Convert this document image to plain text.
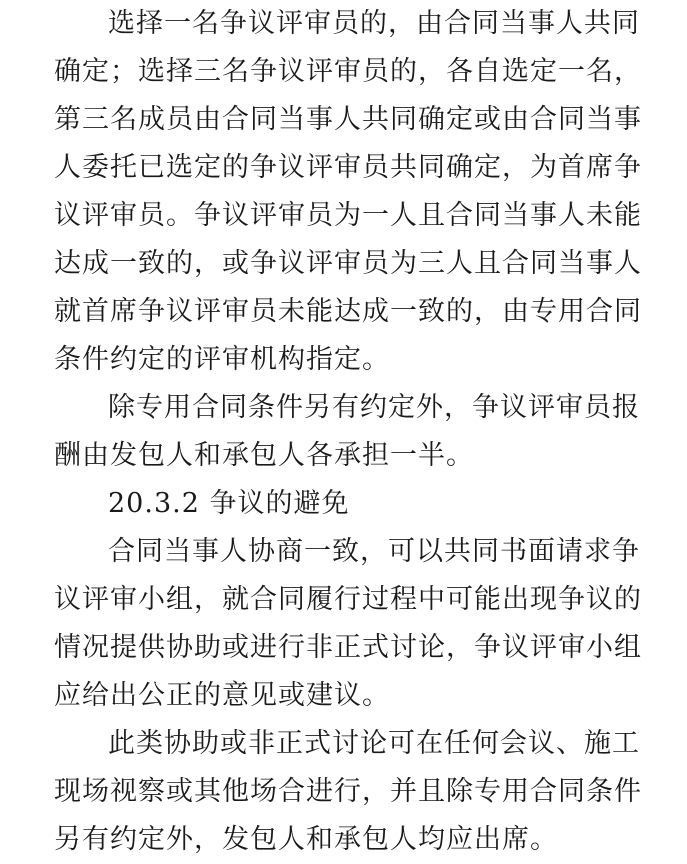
选择一名争议评审员的，由合同当事人共同
确定；选择三名争议评审员的，各自选定一名，
第三名成员由合同当事人共同确定或由合同当事
人委托已选定的争议评审员共同确定，为首席争
议评审员。争议评审员为一人且合同当事人未能
达成一致的，或争议评审员为三人且合同当事人
就首席争议评审员未能达成一致的，由专用合同
条件约定的评审机构指定。
除专用合同条件另有约定外，争议评审员报
酬由发包人和承包人各承担一半。
20.3.2 争议的避免
合同当事人协商一致，可以共同书面请求争
议评审小组，就合同履行过程中可能出现争议的
情况提供协助或进行非正式讨论，争议评审小组
应给出公正的意见或建议。
此类协助或非正式讨论可在任何会议、施工
现场视察或其他场合进行，并且除专用合同条件
另有约定外，发包人和承包人均应出席。
